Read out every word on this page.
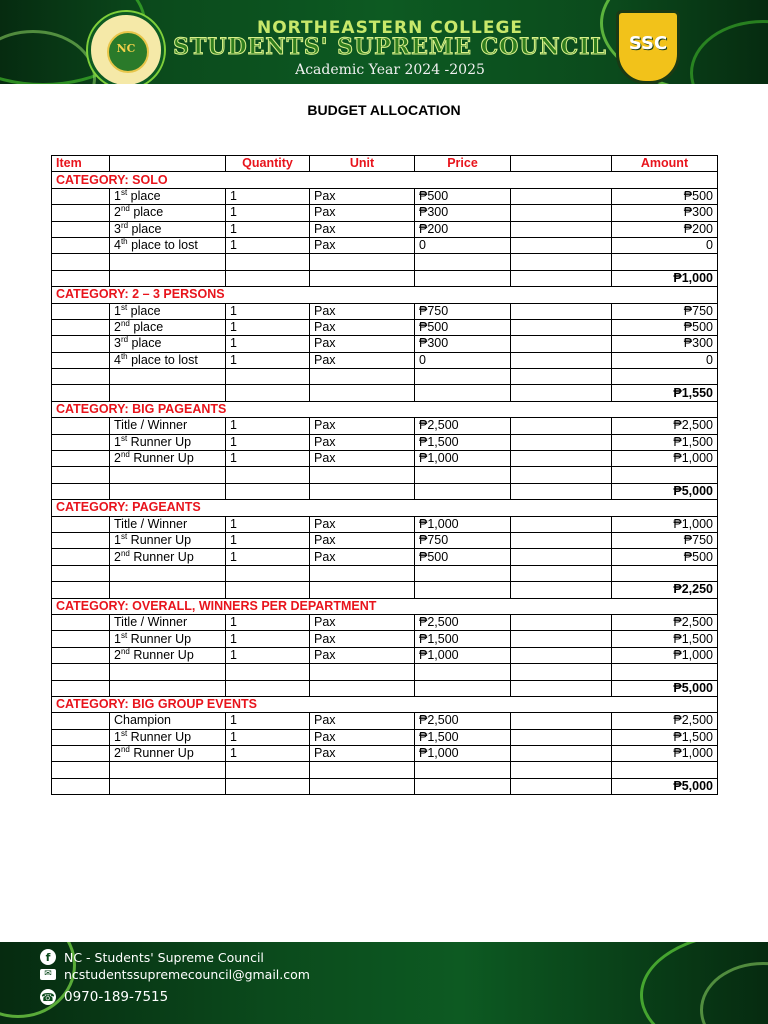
NC
NORTHEASTERN COLLEGE
STUDENTS' SUPREME COUNCIL
Academic Year 2024 -2025
SSC
BUDGET ALLOCATION
Item		Quantity	Unit	Price		Amount
CATEGORY: SOLO						
	1st place	1	Pax	₱500		₱500
	2nd place	1	Pax	₱300		₱300
	3rd place	1	Pax	₱200		₱200
	4th place to lost	1	Pax	0		0

						₱1,000
CATEGORY: 2 – 3 PERSONS						
	1st place	1	Pax	₱750		₱750
	2nd place	1	Pax	₱500		₱500
	3rd place	1	Pax	₱300		₱300
	4th place to lost	1	Pax	0		0

						₱1,550
CATEGORY: BIG PAGEANTS						
	Title / Winner	1	Pax	₱2,500		₱2,500
	1st Runner Up	1	Pax	₱1,500		₱1,500
	2nd Runner Up	1	Pax	₱1,000		₱1,000

						₱5,000
CATEGORY: PAGEANTS						
	Title / Winner	1	Pax	₱1,000		₱1,000
	1st Runner Up	1	Pax	₱750		₱750
	2nd Runner Up	1	Pax	₱500		₱500

						₱2,250
CATEGORY: OVERALL, WINNERS PER DEPARTMENT						
	Title / Winner	1	Pax	₱2,500		₱2,500
	1st Runner Up	1	Pax	₱1,500		₱1,500
	2nd Runner Up	1	Pax	₱1,000		₱1,000

						₱5,000
CATEGORY: BIG GROUP EVENTS						
	Champion	1	Pax	₱2,500		₱2,500
	1st Runner Up	1	Pax	₱1,500		₱1,500
	2nd Runner Up	1	Pax	₱1,000		₱1,000

						₱5,000
f	NC - Students' Supreme Council
✉ ncstudentssupremecouncil@gmail.com
☎ 0970-189-7515
